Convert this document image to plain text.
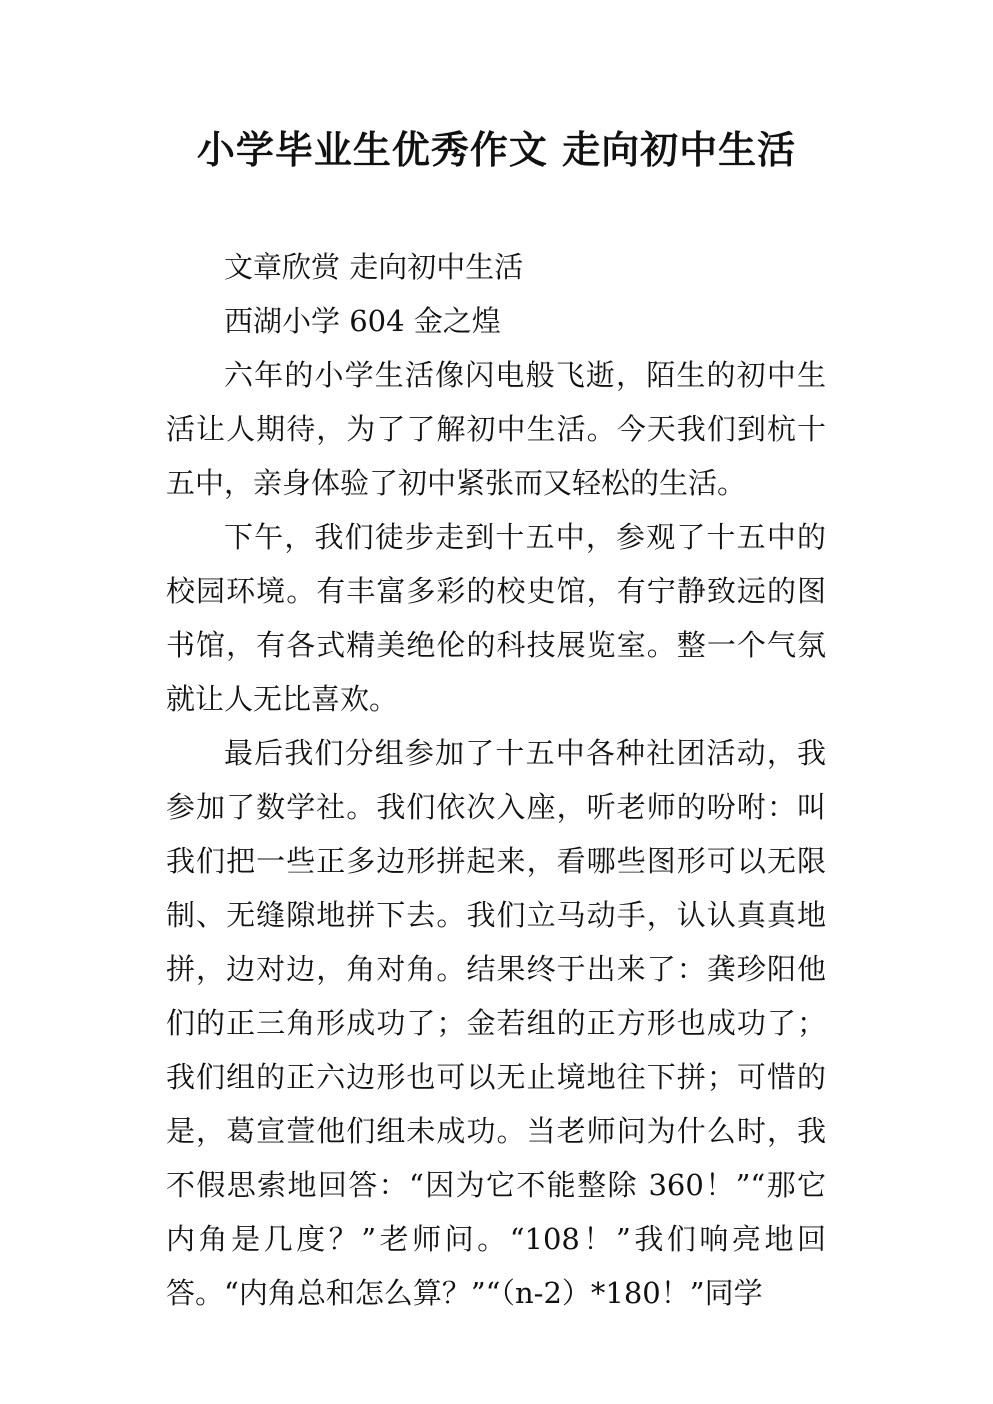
小学毕业生优秀作文 走向初中生活

文章欣赏 走向初中生活

西湖小学 604 金之煌

六年的小学生活像闪电般飞逝，陌生的初中生活让人期待，为了了解初中生活。今天我们到杭十五中，亲身体验了初中紧张而又轻松的生活。

下午，我们徒步走到十五中，参观了十五中的校园环境。有丰富多彩的校史馆，有宁静致远的图书馆，有各式精美绝伦的科技展览室。整一个气氛就让人无比喜欢。

最后我们分组参加了十五中各种社团活动，我参加了数学社。我们依次入座，听老师的吩咐：叫我们把一些正多边形拼起来，看哪些图形可以无限制、无缝隙地拼下去。我们立马动手，认认真真地拼，边对边，角对角。结果终于出来了：龚珍阳他们的正三角形成功了；金若组的正方形也成功了；我们组的正六边形也可以无止境地往下拼；可惜的是，葛宣萱他们组未成功。当老师问为什么时，我不假思索地回答：“因为它不能整除 360！”“那它内角是几度？”老师问。“108！”我们响亮地回答。“内角总和怎么算？”“（n-2）*180！”同学
